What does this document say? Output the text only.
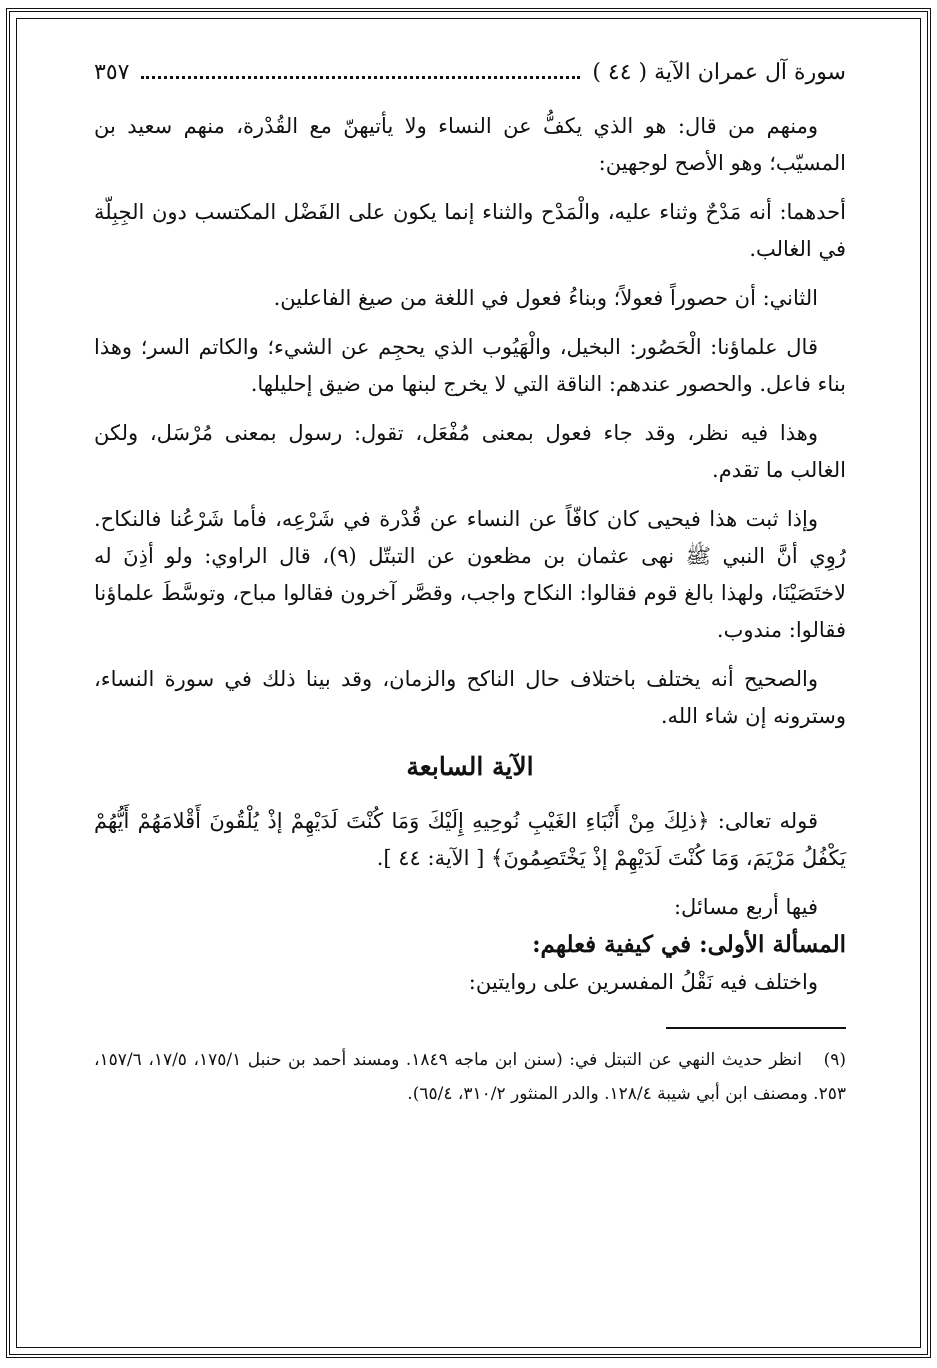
سورة آل عمران الآية ( ٤٤ )
٣٥٧

ومنهم من قال: هو الذي يكفُّ عن النساء ولا يأتيهنّ مع القُدْرة، منهم سعيد بن المسيّب؛ وهو الأصح لوجهين:

أحدهما: أنه مَدْحٌ وثناء عليه، والْمَدْح والثناء إنما يكون على الفَضْل المكتسب دون الجِبِلّة في الغالب.

الثاني: أن حصوراً فعولاً؛ وبناءُ فعول في اللغة من صيغ الفاعلين.

قال علماؤنا: الْحَصُور: البخيل، والْهَيُوب الذي يحجِم عن الشيء؛ والكاتم السر؛ وهذا بناء فاعل. والحصور عندهم: الناقة التي لا يخرج لبنها من ضيق إحليلها.

وهذا فيه نظر، وقد جاء فعول بمعنى مُفْعَل، تقول: رسول بمعنى مُرْسَل، ولكن الغالب ما تقدم.

وإذا ثبت هذا فيحيى كان كافّاً عن النساء عن قُدْرة في شَرْعِه، فأما شَرْعُنا فالنكاح. رُوِي أنَّ النبي ﷺ نهى عثمان بن مظعون عن التبتّل (٩)، قال الراوي: ولو أذِنَ له لاختَصَيْنَا، ولهذا بالغ قوم فقالوا: النكاح واجب، وقصَّر آخرون فقالوا مباح، وتوسَّطَ علماؤنا فقالوا: مندوب.

والصحيح أنه يختلف باختلاف حال الناكح والزمان، وقد بينا ذلك في سورة النساء، وسترونه إن شاء الله.

الآية السابعة

قوله تعالى: ﴿ذلِكَ مِنْ أَنْبَاءِ الغَيْبِ نُوحِيهِ إِلَيْكَ وَمَا كُنْتَ لَدَيْهِمْ إذْ يُلْقُونَ أَقْلامَهُمْ أَيُّهُمْ يَكْفُلُ مَرْيَمَ، وَمَا كُنْتَ لَدَيْهِمْ إذْ يَخْتَصِمُونَ﴾ [ الآية: ٤٤ ].

فيها أربع مسائل:

المسألة الأولى: في كيفية فعلهم:

واختلف فيه نَقْلُ المفسرين على روايتين:

(٩)انظر حديث النهي عن التبتل في: (سنن ابن ماجه ١٨٤٩. ومسند أحمد بن حنبل ١٧٥/١، ١٧/٥، ١٥٧/٦، ٢٥٣. ومصنف ابن أبي شيبة ١٢٨/٤. والدر المنثور ٣١٠/٢، ٦٥/٤).
